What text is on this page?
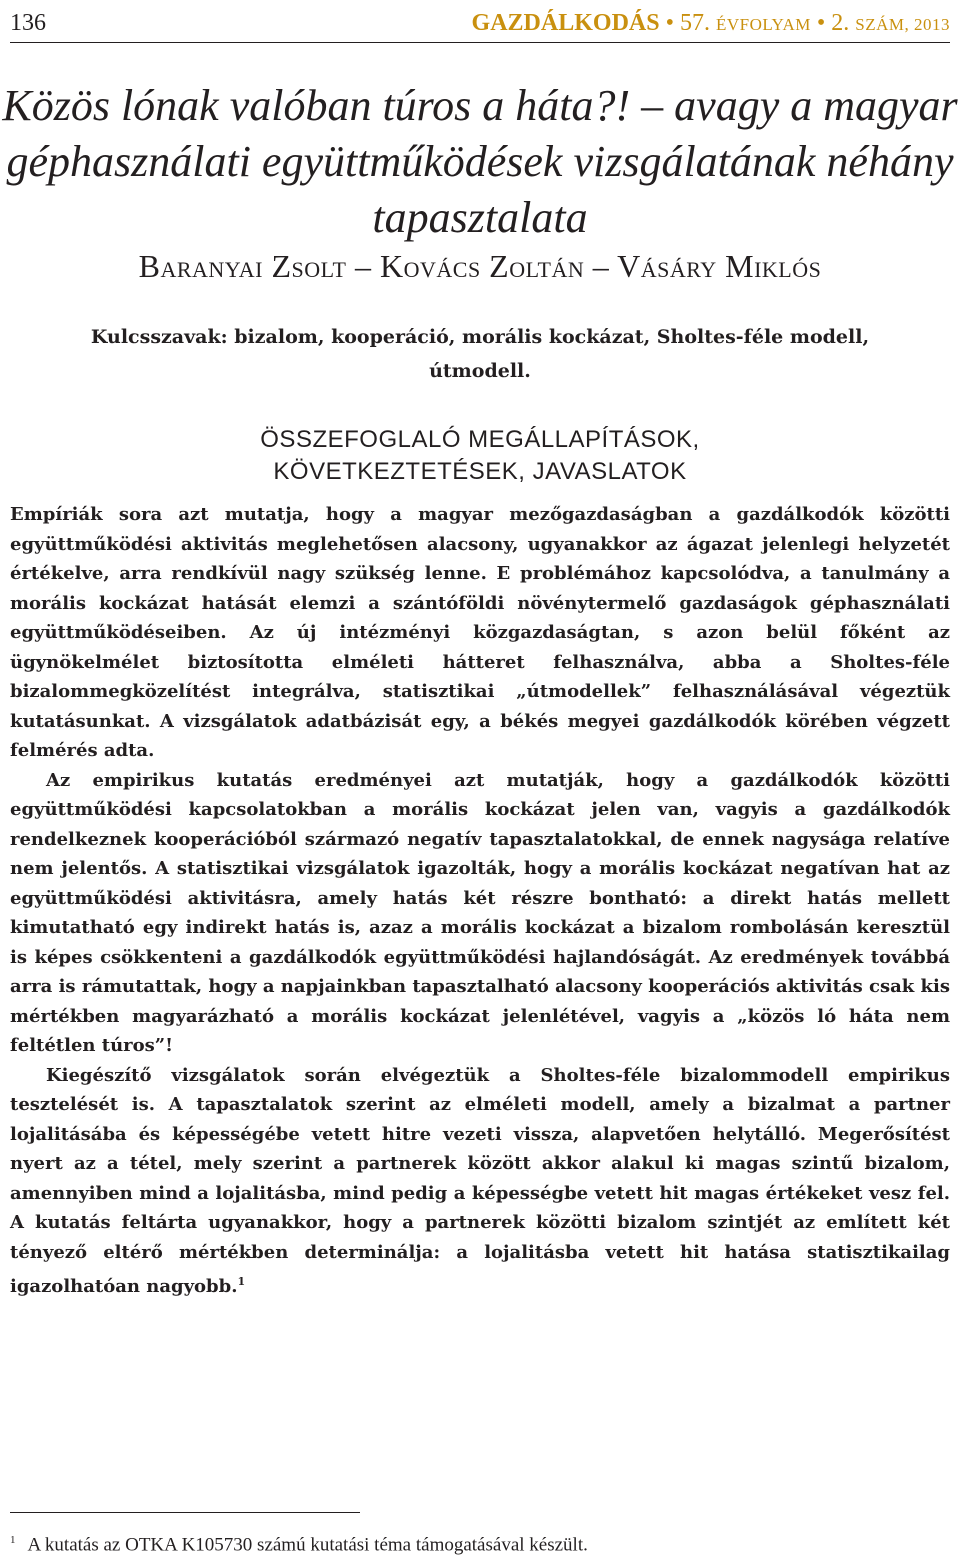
136	GAZDÁLKODÁS • 57. ÉVFOLYAM • 2. SZÁM, 2013
Közös lónak valóban túros a háta?! – avagy a magyar géphasználati együttműködések vizsgálatának néhány tapasztalata
Baranyai Zsolt – Kovács Zoltán – Vásáry Miklós
Kulcsszavak: bizalom, kooperáció, morális kockázat, Sholtes-féle modell, útmodell.
ÖSSZEFOGLALÓ MEGÁLLAPÍTÁSOK,
KÖVETKEZTETÉSEK, JAVASLATOK

Empíriák sora azt mutatja, hogy a magyar mezőgazdaságban a gazdálkodók közötti együttműködési aktivitás meglehetősen alacsony, ugyanakkor az ágazat jelenlegi helyzetét értékelve, arra rendkívül nagy szükség lenne. E problémához kapcsolódva, a tanulmány a morális kockázat hatását elemzi a szántóföldi növénytermelő gazdaságok géphasználati együttműködéseiben. Az új intézményi közgazdaságtan, s azon belül főként az ügynökelmélet biztosította elméleti hátteret felhasználva, abba a Sholtes-féle bizalommegközelítést integrálva, statisztikai „útmodellek” felhasználásával végeztük kutatásunkat. A vizsgálatok adatbázisát egy, a békés megyei gazdálkodók körében végzett felmérés adta.

Az empirikus kutatás eredményei azt mutatják, hogy a gazdálkodók közötti együttműködési kapcsolatokban a morális kockázat jelen van, vagyis a gazdálkodók rendelkeznek kooperációból származó negatív tapasztalatokkal, de ennek nagysága relatíve nem jelentős. A statisztikai vizsgálatok igazolták, hogy a morális kockázat negatívan hat az együttműködési aktivitásra, amely hatás két részre bontható: a direkt hatás mellett kimutatható egy indirekt hatás is, azaz a morális kockázat a bizalom rombolásán keresztül is képes csökkenteni a gazdálkodók együttműködési hajlandóságát. Az eredmények továbbá arra is rámutattak, hogy a napjainkban tapasztalható alacsony kooperációs aktivitás csak kis mértékben magyarázható a morális kockázat jelenlétével, vagyis a „közös ló háta nem feltétlen túros”!

Kiegészítő vizsgálatok során elvégeztük a Sholtes-féle bizalommodell empirikus tesztelését is. A tapasztalatok szerint az elméleti modell, amely a bizalmat a partner lojalitásába és képességébe vetett hitre vezeti vissza, alapvetően helytálló. Megerősítést nyert az a tétel, mely szerint a partnerek között akkor alakul ki magas szintű bizalom, amennyiben mind a lojalitásba, mind pedig a képességbe vetett hit magas értékeket vesz fel. A kutatás feltárta ugyanakkor, hogy a partnerek közötti bizalom szintjét az említett két tényező eltérő mértékben determinálja: a lojalitásba vetett hit hatása statisztikailag igazolhatóan nagyobb.$^1$

$^1$ A kutatás az OTKA K105730 számú kutatási téma támogatásával készült.
